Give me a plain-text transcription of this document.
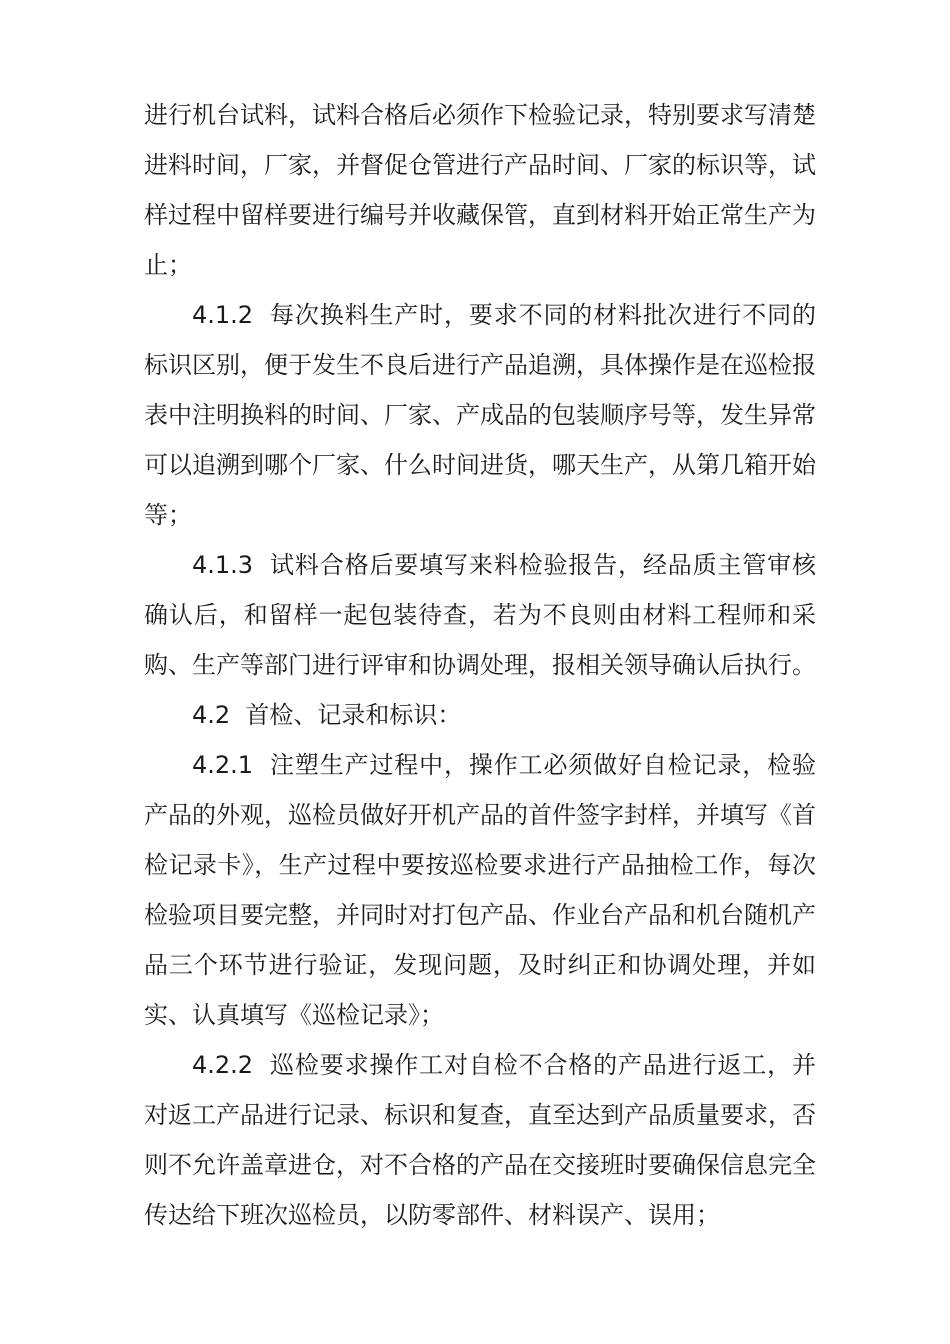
进行机台试料，试料合格后必须作下检验记录，特别要求写清楚进料时间，厂家，并督促仓管进行产品时间、厂家的标识等，试样过程中留样要进行编号并收藏保管，直到材料开始正常生产为止；

4.1.2  每次换料生产时，要求不同的材料批次进行不同的标识区别，便于发生不良后进行产品追溯，具体操作是在巡检报表中注明换料的时间、厂家、产成品的包装顺序号等，发生异常可以追溯到哪个厂家、什么时间进货，哪天生产，从第几箱开始等；

4.1.3  试料合格后要填写来料检验报告，经品质主管审核确认后，和留样一起包装待查，若为不良则由材料工程师和采购、生产等部门进行评审和协调处理，报相关领导确认后执行。

4.2  首检、记录和标识：

4.2.1  注塑生产过程中，操作工必须做好自检记录，检验产品的外观，巡检员做好开机产品的首件签字封样，并填写《首检记录卡》，生产过程中要按巡检要求进行产品抽检工作，每次检验项目要完整，并同时对打包产品、作业台产品和机台随机产品三个环节进行验证，发现问题，及时纠正和协调处理，并如实、认真填写《巡检记录》；

4.2.2  巡检要求操作工对自检不合格的产品进行返工，并对返工产品进行记录、标识和复查，直至达到产品质量要求，否则不允许盖章进仓，对不合格的产品在交接班时要确保信息完全传达给下班次巡检员，以防零部件、材料误产、误用；
